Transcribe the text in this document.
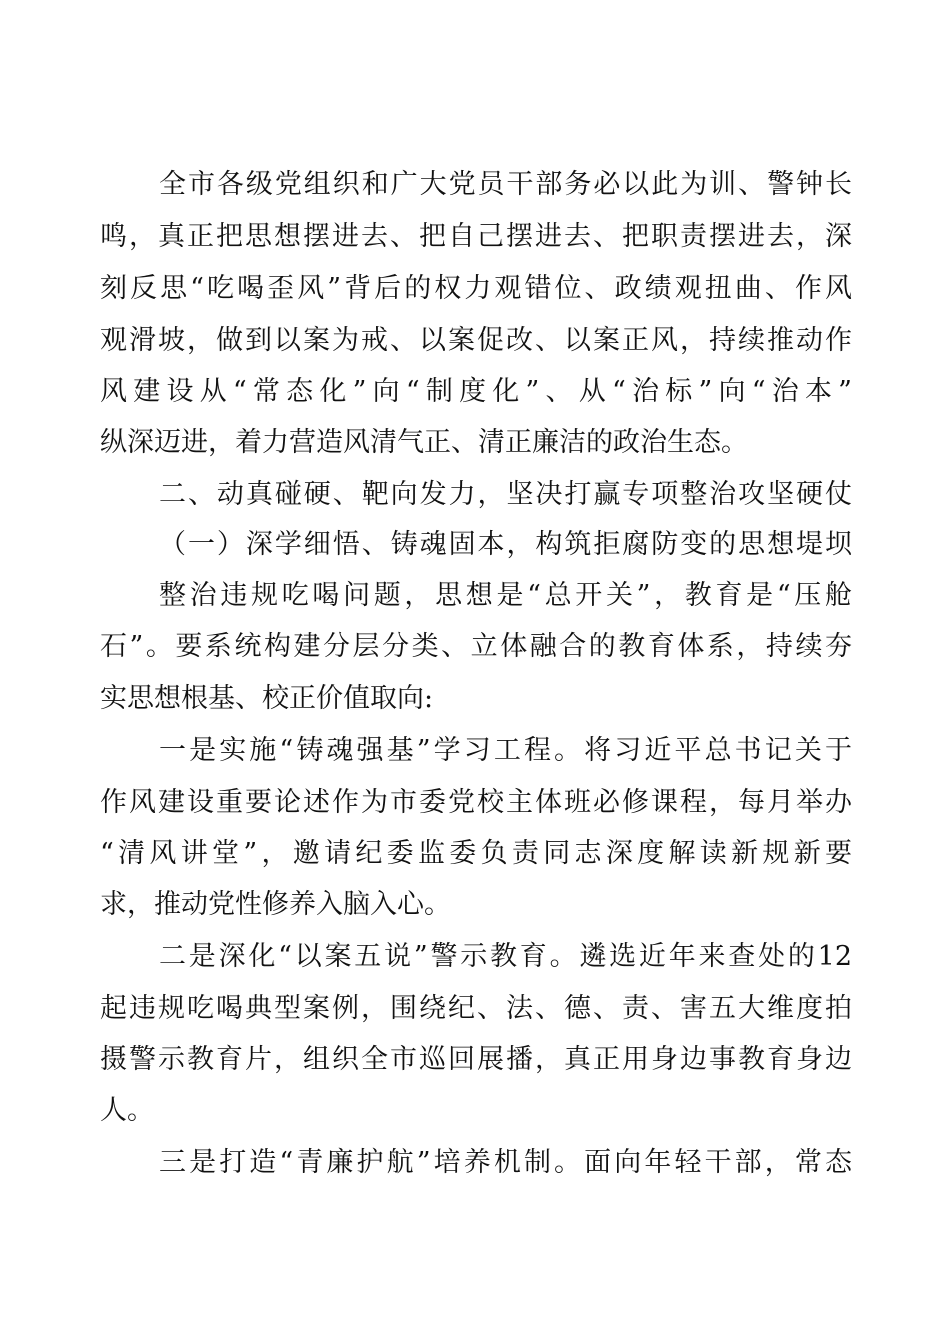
全市各级党组织和广大党员干部务必以此为训、警钟长
鸣，真正把思想摆进去、把自己摆进去、把职责摆进去，深
刻反思“吃喝歪风”背后的权力观错位、政绩观扭曲、作风
观滑坡，做到以案为戒、以案促改、以案正风，持续推动作
风建设从“常态化”向“制度化”、从“治标”向“治本”
纵深迈进，着力营造风清气正、清正廉洁的政治生态。
二、动真碰硬、靶向发力，坚决打赢专项整治攻坚硬仗
（一）深学细悟、铸魂固本，构筑拒腐防变的思想堤坝
整治违规吃喝问题，思想是“总开关”，教育是“压舱
石”。要系统构建分层分类、立体融合的教育体系，持续夯
实思想根基、校正价值取向:
一是实施“铸魂强基”学习工程。将习近平总书记关于
作风建设重要论述作为市委党校主体班必修课程，每月举办
“清风讲堂”，邀请纪委监委负责同志深度解读新规新要
求，推动党性修养入脑入心。
二是深化“以案五说”警示教育。遴选近年来查处的12
起违规吃喝典型案例，围绕纪、法、德、责、害五大维度拍
摄警示教育片，组织全市巡回展播，真正用身边事教育身边
人。
三是打造“青廉护航”培养机制。面向年轻干部，常态
